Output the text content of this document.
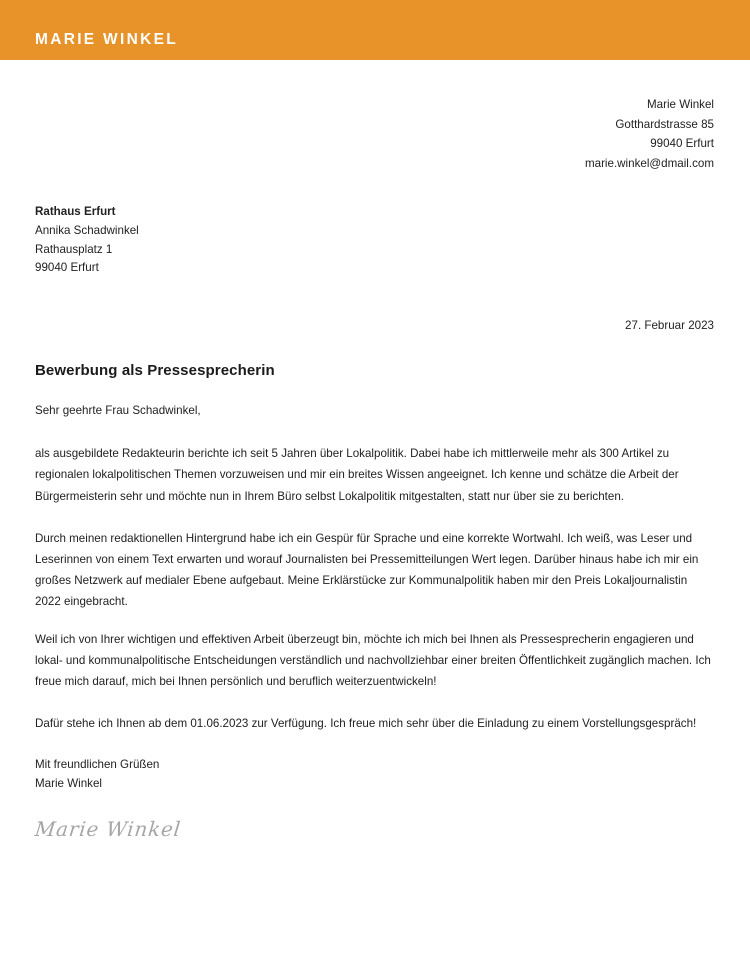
MARIE WINKEL
Marie Winkel
Gotthardstrasse 85
99040 Erfurt
marie.winkel@dmail.com
Rathaus Erfurt
Annika Schadwinkel
Rathausplatz 1
99040 Erfurt
27. Februar 2023
Bewerbung als Pressesprecherin
Sehr geehrte Frau Schadwinkel,

als ausgebildete Redakteurin berichte ich seit 5 Jahren über Lokalpolitik. Dabei habe ich mittlerweile mehr als 300 Artikel zu regionalen lokalpolitischen Themen vorzuweisen und mir ein breites Wissen angeeignet. Ich kenne und schätze die Arbeit der Bürgermeisterin sehr und möchte nun in Ihrem Büro selbst Lokalpolitik mitgestalten, statt nur über sie zu berichten.

Durch meinen redaktionellen Hintergrund habe ich ein Gespür für Sprache und eine korrekte Wortwahl. Ich weiß, was Leser und Leserinnen von einem Text erwarten und worauf Journalisten bei Pressemitteilungen Wert legen. Darüber hinaus habe ich mir ein großes Netzwerk auf medialer Ebene aufgebaut. Meine Erklärstücke zur Kommunalpolitik haben mir den Preis Lokaljournalistin 2022 eingebracht.

Weil ich von Ihrer wichtigen und effektiven Arbeit überzeugt bin, möchte ich mich bei Ihnen als Pressesprecherin engagieren und lokal- und kommunalpolitische Entscheidungen verständlich und nachvollziehbar einer breiten Öffentlichkeit zugänglich machen. Ich freue mich darauf, mich bei Ihnen persönlich und beruflich weiterzuentwickeln!

Dafür stehe ich Ihnen ab dem 01.06.2023 zur Verfügung. Ich freue mich sehr über die Einladung zu einem Vorstellungsgespräch!

Mit freundlichen Grüßen
Marie Winkel
Marie Winkel
